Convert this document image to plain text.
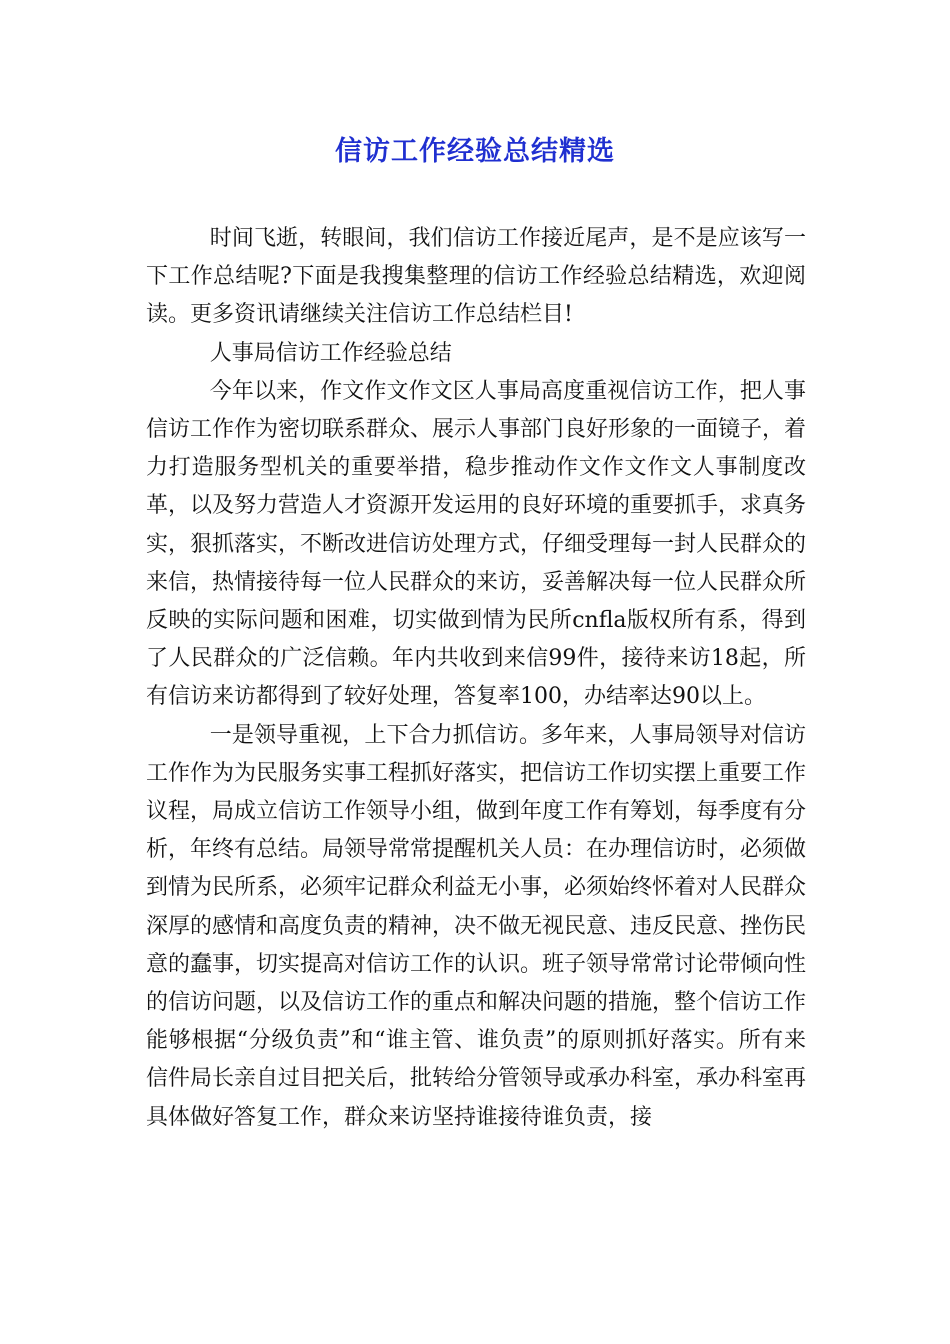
信访工作经验总结精选

时间飞逝，转眼间，我们信访工作接近尾声，是不是应该写一下工作总结呢?下面是我搜集整理的信访工作经验总结精选，欢迎阅读。更多资讯请继续关注信访工作总结栏目!

人事局信访工作经验总结

今年以来，作文作文作文区人事局高度重视信访工作，把人事信访工作作为密切联系群众、展示人事部门良好形象的一面镜子，着力打造服务型机关的重要举措，稳步推动作文作文作文人事制度改革，以及努力营造人才资源开发运用的良好环境的重要抓手，求真务实，狠抓落实，不断改进信访处理方式，仔细受理每一封人民群众的来信，热情接待每一位人民群众的来访，妥善解决每一位人民群众所反映的实际问题和困难，切实做到情为民所cnfla版权所有系，得到了人民群众的广泛信赖。年内共收到来信99件，接待来访18起，所有信访来访都得到了较好处理，答复率100，办结率达90以上。

一是领导重视，上下合力抓信访。多年来，人事局领导对信访工作作为为民服务实事工程抓好落实，把信访工作切实摆上重要工作议程，局成立信访工作领导小组，做到年度工作有筹划，每季度有分析，年终有总结。局领导常常提醒机关人员：在办理信访时，必须做到情为民所系，必须牢记群众利益无小事，必须始终怀着对人民群众深厚的感情和高度负责的精神，决不做无视民意、违反民意、挫伤民意的蠢事，切实提高对信访工作的认识。班子领导常常讨论带倾向性的信访问题，以及信访工作的重点和解决问题的措施，整个信访工作能够根据“分级负责”和“谁主管、谁负责”的原则抓好落实。所有来信件局长亲自过目把关后，批转给分管领导或承办科室，承办科室再具体做好答复工作，群众来访坚持谁接待谁负责，接
